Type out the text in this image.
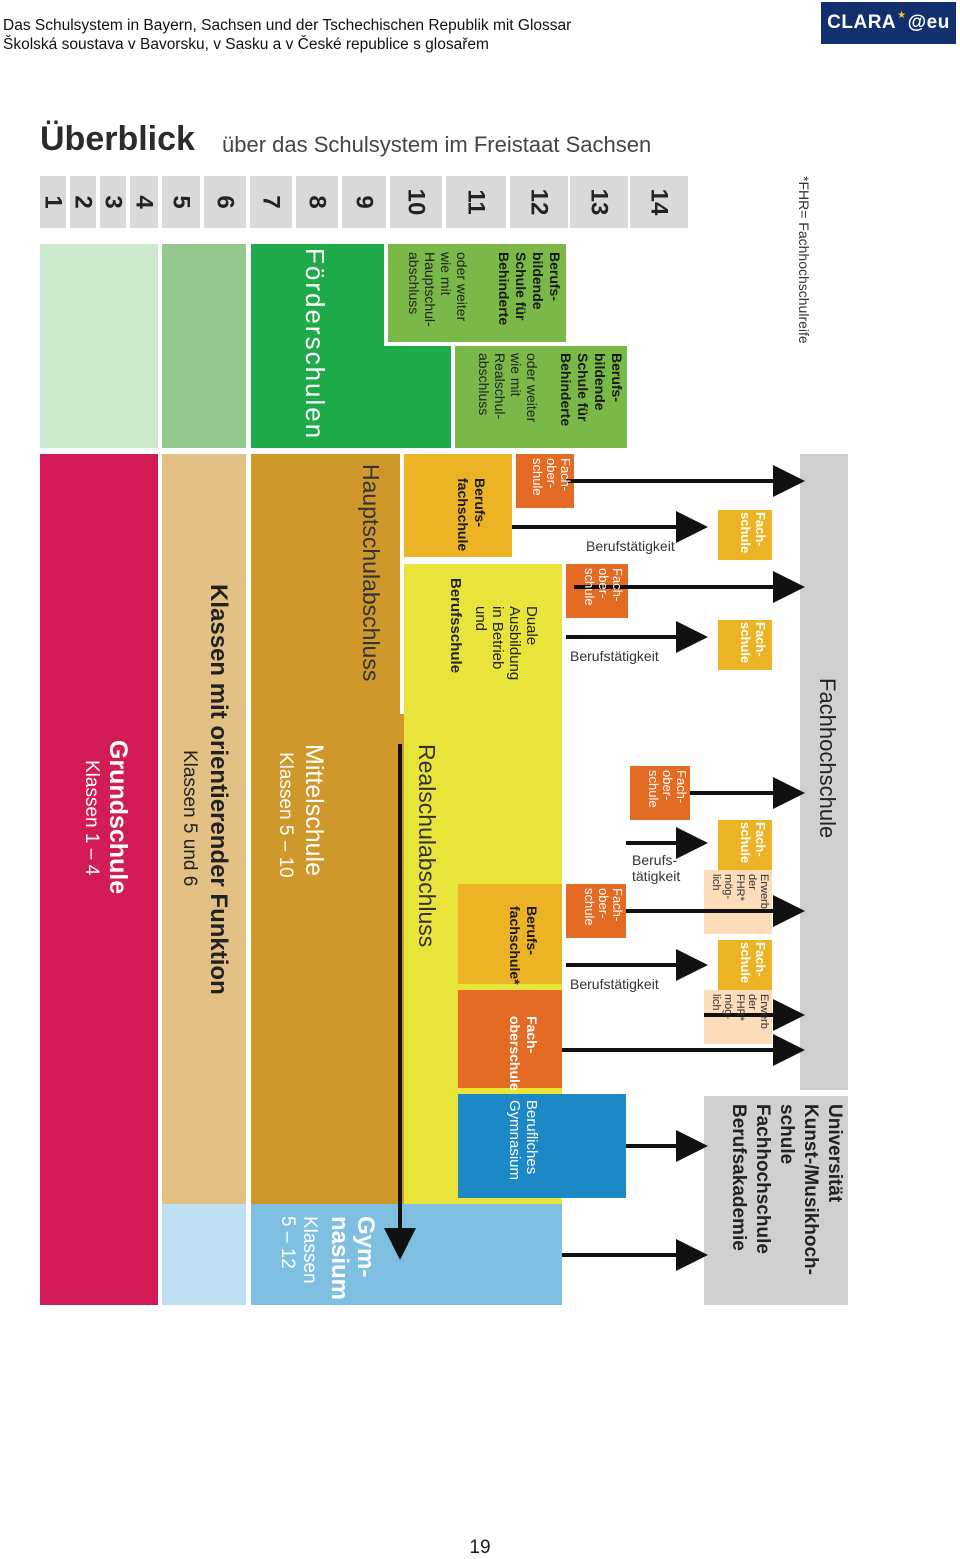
Das Schulsystem in Bayern, Sachsen und der Tschechischen Republik mit Glossar
Školská soustava v Bavorsku, v Sasku a v České republice s glosařem
CLARA ★ @ eu
Überblick über das Schulsystem im Freistaat Sachsen
1 2 3 4 5 6 7 8 9 10 11 12 13 14
Förderschulen	Berufs-
bildende
Schule für
Behinderte
oder weiter
wie mit
Hauptschul-
abschluss
Berufs-
bildende
Schule für
Behinderte
oder weiter
wie mit
Realschul-
abschluss
Grundschule
Klassen 1 – 4	Klassen mit orientierender Funktion
Klassen 5 und 6	Mittelschule
Klassen 5 – 10
Hauptschulabschluss
Realschulabschluss
Gym-
nasium
Klassen
5 – 12
Berufs-
fachschule
Duale
Ausbildung
in Betrieb
und
Berufsschule
Berufs-
fachschule*
Fach-
oberschule
Berufliches
Gymnasium
Fach-
ober-
schule
Fach-
ober-
schule
Fach-
ober-
schule
Fach-
ober-
schule
Berufstätigkeit
Berufstätigkeit
Berufs-
tätigkeit
Berufstätigkeit
Fach-
schule
Fach-
schule
Fach-
schule
Fach-
schule
Erwerb
der
FHR*
mög-
lich
Erwerb
der
FHR*
mög-
lich
Fachhochschule
Universität
Kunst-/Musikhoch-
schule
Fachhochschule
Berufsakademie
*FHR= Fachhochschulreife
19
